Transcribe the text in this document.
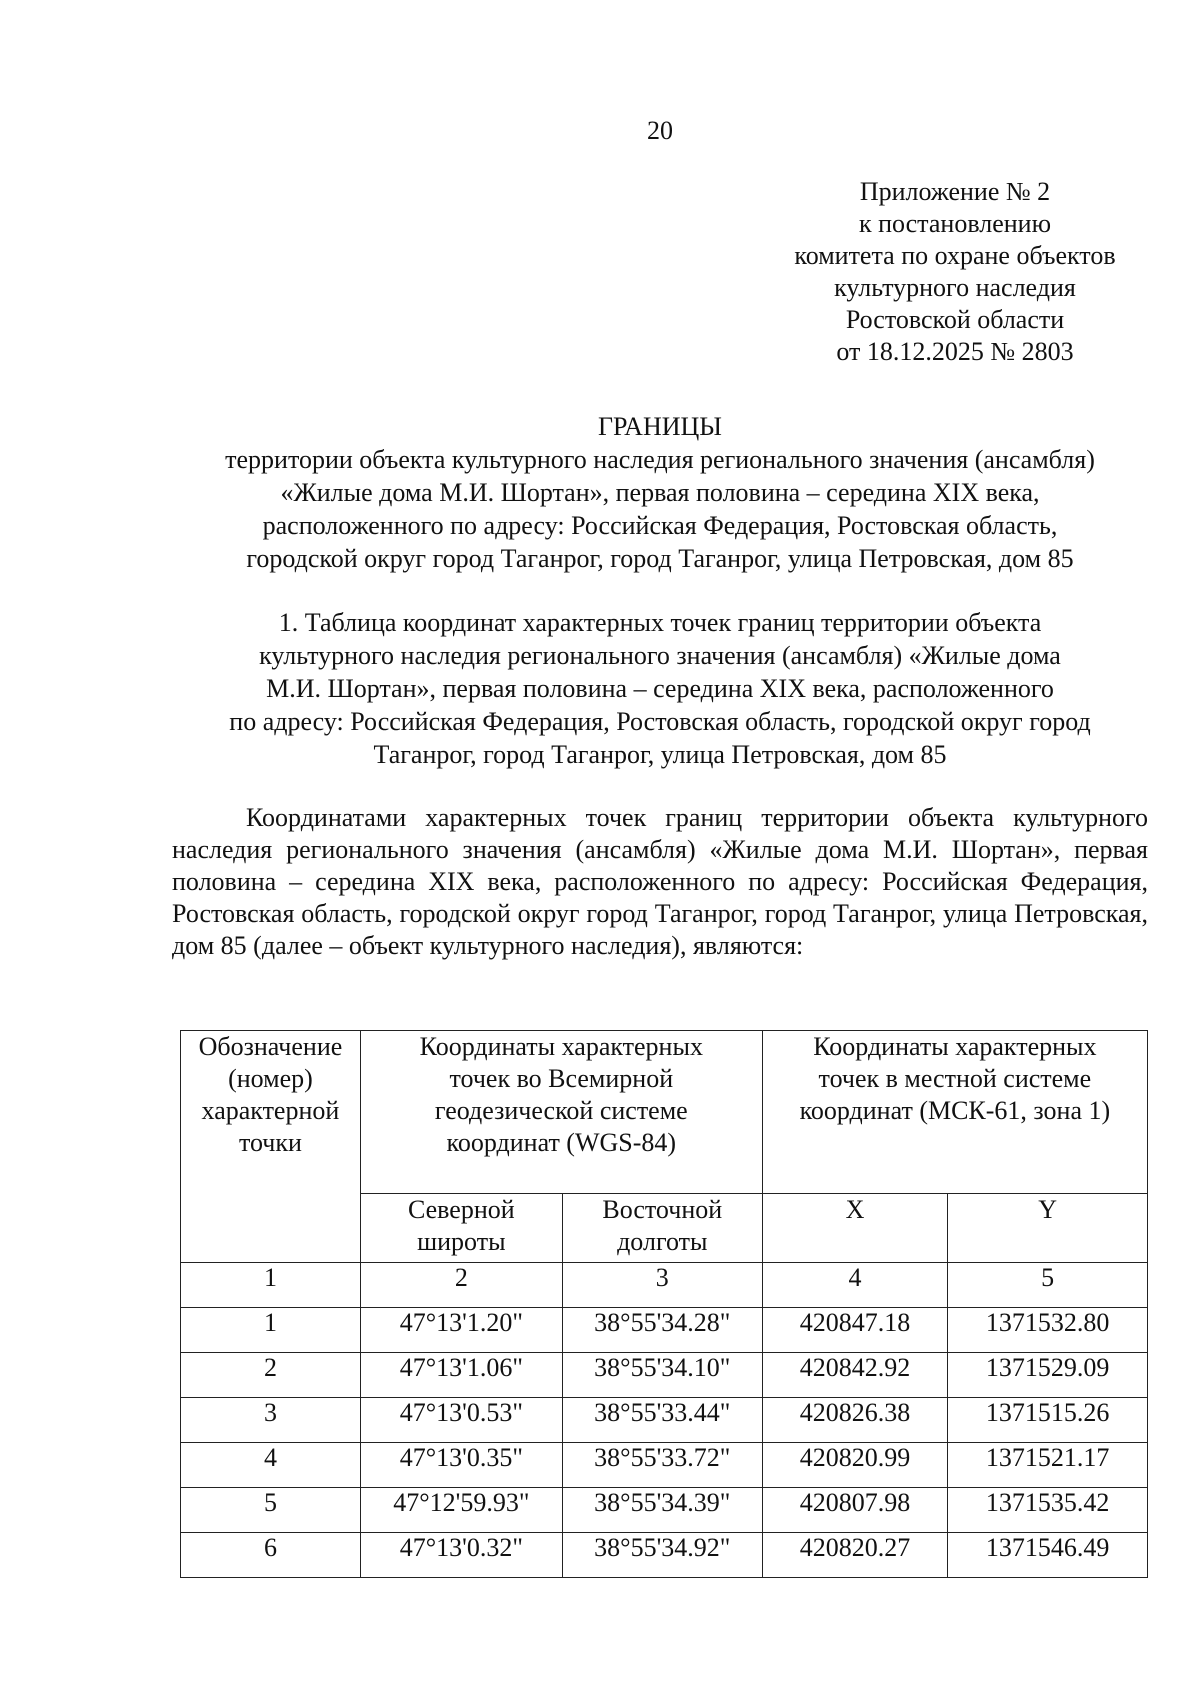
20
Приложение № 2
к постановлению
комитета по охране объектов
культурного наследия
Ростовской области
от 18.12.2025 № 2803
ГРАНИЦЫ
территории объекта культурного наследия регионального значения (ансамбля)
«Жилые дома М.И. Шортан», первая половина – середина XIX века,
расположенного по адресу: Российская Федерация, Ростовская область,
городской округ город Таганрог, город Таганрог, улица Петровская, дом 85
1. Таблица координат характерных точек границ территории объекта
культурного наследия регионального значения (ансамбля) «Жилые дома
М.И. Шортан», первая половина – середина XIX века, расположенного
по адресу: Российская Федерация, Ростовская область, городской округ город
Таганрог, город Таганрог, улица Петровская, дом 85
Координатами характерных точек границ территории объекта культурного наследия регионального значения (ансамбля) «Жилые дома М.И. Шортан», первая половина – середина XIX века, расположенного по адресу: Российская Федерация, Ростовская область, городской округ город Таганрог, город Таганрог, улица Петровская, дом 85 (далее – объект культурного наследия), являются:
Обозначение (номер) характерной точки	Координаты характерных точек во Всемирной геодезической системе координат (WGS-84)		Координаты характерных точек в местной системе координат (МСК-61, зона 1)	
	Северной широты	Восточной долготы	X	Y
1	2	3	4	5
1	47°13'1.20"	38°55'34.28"	420847.18	1371532.80
2	47°13'1.06"	38°55'34.10"	420842.92	1371529.09
3	47°13'0.53"	38°55'33.44"	420826.38	1371515.26
4	47°13'0.35"	38°55'33.72"	420820.99	1371521.17
5	47°12'59.93"	38°55'34.39"	420807.98	1371535.42
6	47°13'0.32"	38°55'34.92"	420820.27	1371546.49
